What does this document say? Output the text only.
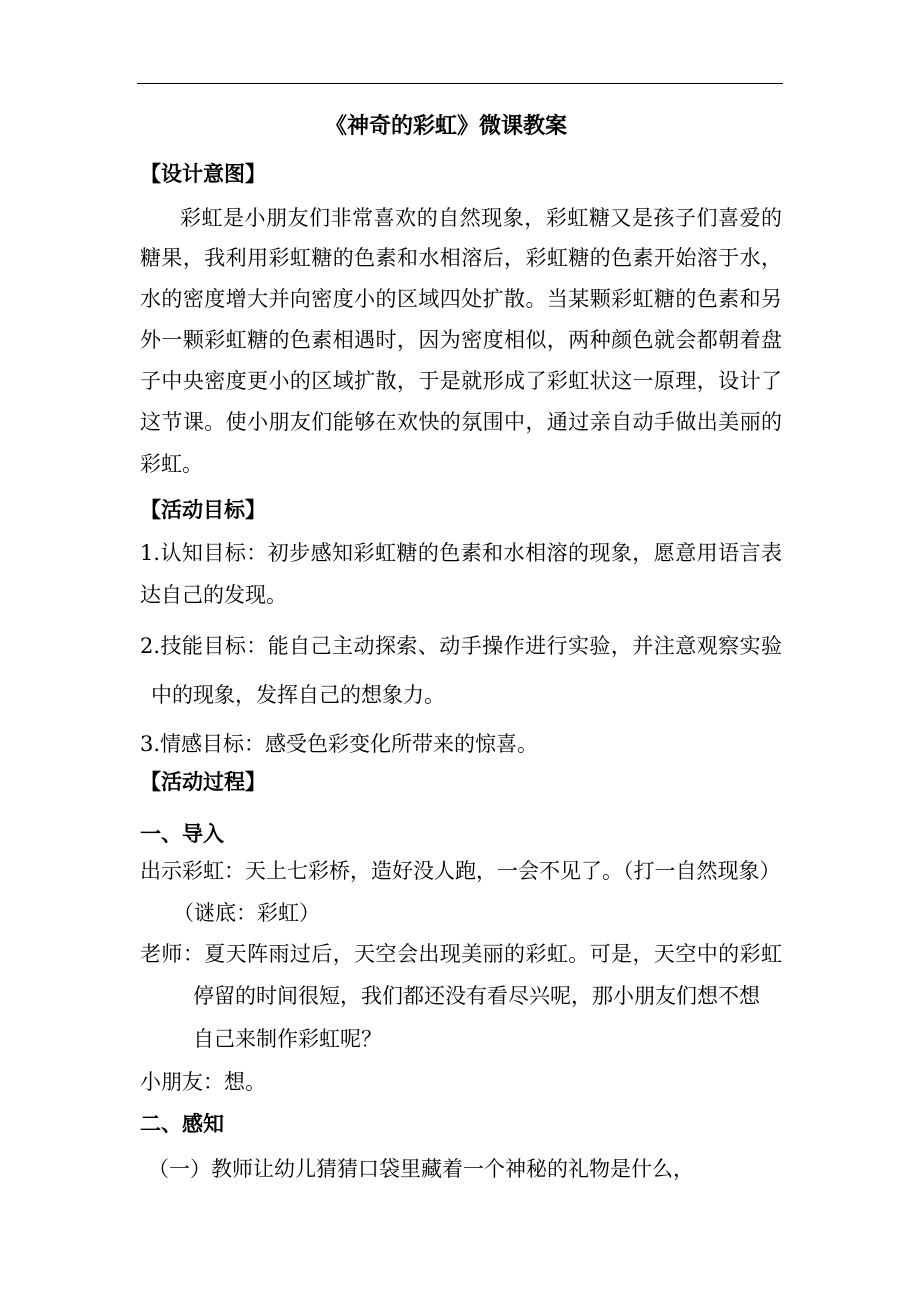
《神奇的彩虹》微课教案
【设计意图】
彩虹是小朋友们非常喜欢的自然现象，彩虹糖又是孩子们喜爱的
糖果，我利用彩虹糖的色素和水相溶后，彩虹糖的色素开始溶于水，
水的密度增大并向密度小的区域四处扩散。当某颗彩虹糖的色素和另
外一颗彩虹糖的色素相遇时，因为密度相似，两种颜色就会都朝着盘
子中央密度更小的区域扩散，于是就形成了彩虹状这一原理，设计了
这节课。使小朋友们能够在欢快的氛围中，通过亲自动手做出美丽的
彩虹。
【活动目标】
1.认知目标：初步感知彩虹糖的色素和水相溶的现象，愿意用语言表
达自己的发现。
2.技能目标：能自己主动探索、动手操作进行实验，并注意观察实验
中的现象，发挥自己的想象力。
3.情感目标：感受色彩变化所带来的惊喜。
【活动过程】
一、导入
出示彩虹：天上七彩桥，造好没人跑，一会不见了。（打一自然现象）
（谜底：彩虹）
老师：夏天阵雨过后，天空会出现美丽的彩虹。可是，天空中的彩虹
停留的时间很短，我们都还没有看尽兴呢，那小朋友们想不想
自己来制作彩虹呢？
小朋友：想。
二、感知
（一）教师让幼儿猜猜口袋里藏着一个神秘的礼物是什么，
